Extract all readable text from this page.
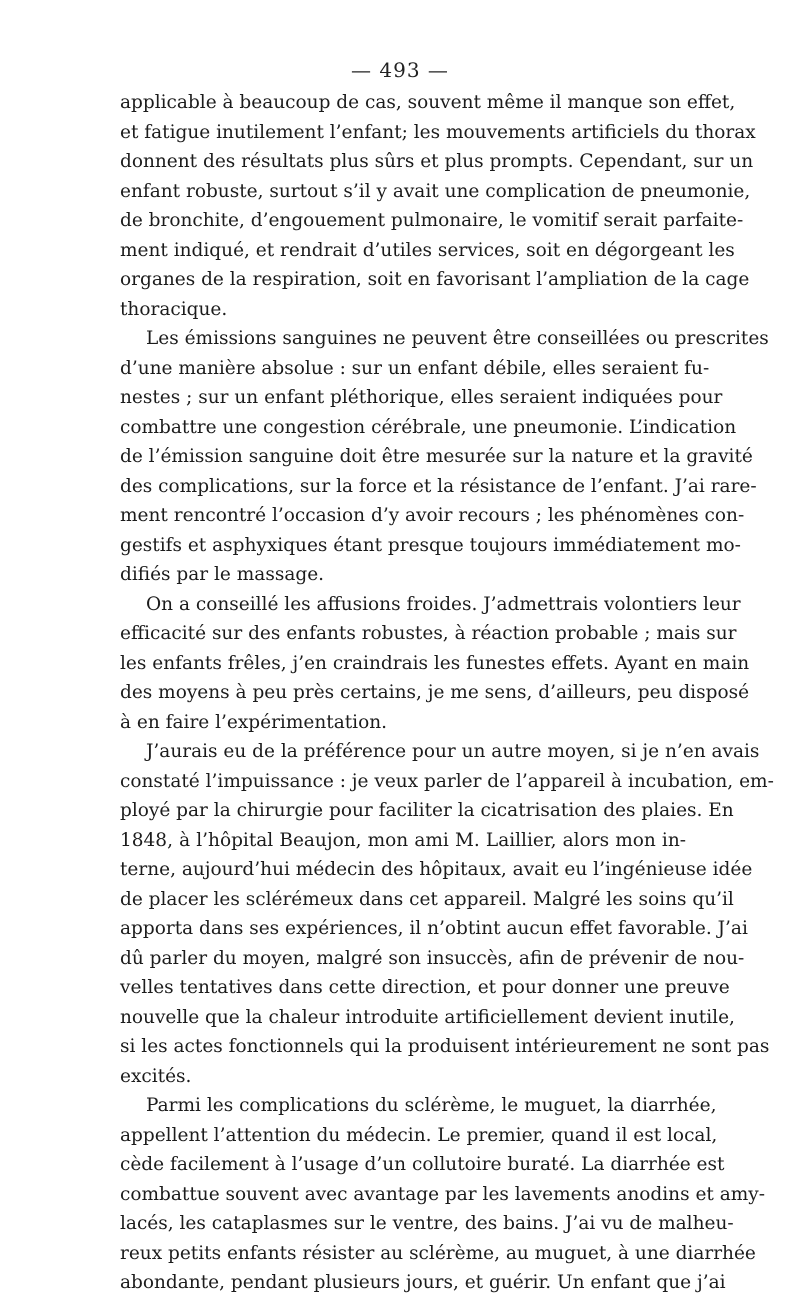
— 493 —
applicable à beaucoup de cas, souvent même il manque son effet,
et fatigue inutilement l’enfant; les mouvements artificiels du thorax
donnent des résultats plus sûrs et plus prompts. Cependant, sur un
enfant robuste, surtout s’il y avait une complication de pneumonie,
de bronchite, d’engouement pulmonaire, le vomitif serait parfaite-
ment indiqué, et rendrait d’utiles services, soit en dégorgeant les
organes de la respiration, soit en favorisant l’ampliation de la cage
thoracique.
Les émissions sanguines ne peuvent être conseillées ou prescrites
d’une manière absolue : sur un enfant débile, elles seraient fu-
nestes ; sur un enfant pléthorique, elles seraient indiquées pour
combattre une congestion cérébrale, une pneumonie. L’indication
de l’émission sanguine doit être mesurée sur la nature et la gravité
des complications, sur la force et la résistance de l’enfant. J’ai rare-
ment rencontré l’occasion d’y avoir recours ; les phénomènes con-
gestifs et asphyxiques étant presque toujours immédiatement mo-
difiés par le massage.
On a conseillé les affusions froides. J’admettrais volontiers leur
efficacité sur des enfants robustes, à réaction probable ; mais sur
les enfants frêles, j’en craindrais les funestes effets. Ayant en main
des moyens à peu près certains, je me sens, d’ailleurs, peu disposé
à en faire l’expérimentation.
J’aurais eu de la préférence pour un autre moyen, si je n’en avais
constaté l’impuissance : je veux parler de l’appareil à incubation, em-
ployé par la chirurgie pour faciliter la cicatrisation des plaies. En
1848, à l’hôpital Beaujon, mon ami M. Laillier, alors mon in-
terne, aujourd’hui médecin des hôpitaux, avait eu l’ingénieuse idée
de placer les sclérémeux dans cet appareil. Malgré les soins qu’il
apporta dans ses expériences, il n’obtint aucun effet favorable. J’ai
dû parler du moyen, malgré son insuccès, afin de prévenir de nou-
velles tentatives dans cette direction, et pour donner une preuve
nouvelle que la chaleur introduite artificiellement devient inutile,
si les actes fonctionnels qui la produisent intérieurement ne sont pas
excités.
Parmi les complications du sclérème, le muguet, la diarrhée,
appellent l’attention du médecin. Le premier, quand il est local,
cède facilement à l’usage d’un collutoire buraté. La diarrhée est
combattue souvent avec avantage par les lavements anodins et amy-
lacés, les cataplasmes sur le ventre, des bains. J’ai vu de malheu-
reux petits enfants résister au sclérème, au muguet, à une diarrhée
abondante, pendant plusieurs jours, et guérir. Un enfant que j’ai
